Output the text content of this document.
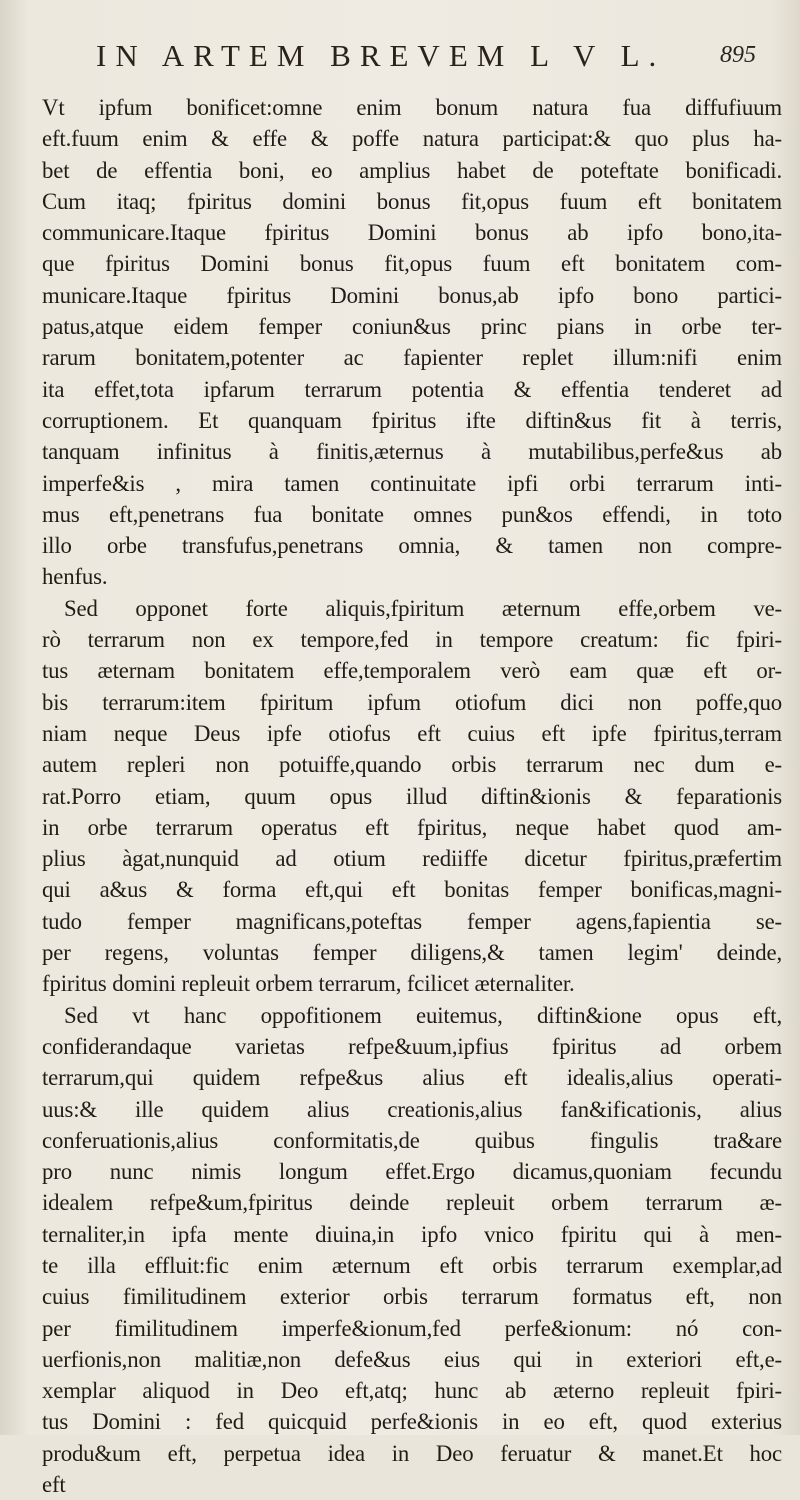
IN ARTEM BREVEM L V L. 895
Vt ipfum bonificet:omne enim bonum natura fua diffufiuum
eft.fuum enim & effe & poffe natura participat:& quo plus ha-
bet de effentia boni, eo amplius habet de poteftate bonificadi.
Cum itaq; fpiritus domini bonus fit,opus fuum eft bonitatem
communicare.Itaque fpiritus Domini bonus ab ipfo bono,ita-
que fpiritus Domini bonus fit,opus fuum eft bonitatem com-
municare.Itaque fpiritus Domini bonus,ab ipfo bono partici-
patus,atque eidem femper coniun&us princ pians in orbe ter-
rarum bonitatem,potenter ac fapienter replet illum:nifi enim
ita effet,tota ipfarum terrarum potentia & effentia tenderet ad
corruptionem. Et quanquam fpiritus ifte diftin&us fit à terris,
tanquam infinitus à finitis,æternus à mutabilibus,perfe&us ab
imperfe&is , mira tamen continuitate ipfi orbi terrarum inti-
mus eft,penetrans fua bonitate omnes pun&os effendi, in toto
illo orbe transfufus,penetrans omnia, & tamen non compre-
henfus.
Sed opponet forte aliquis,fpiritum æternum effe,orbem ve-
rò terrarum non ex tempore,fed in tempore creatum: fic fpiri-
tus æternam bonitatem effe,temporalem verò eam quæ eft or-
bis terrarum:item fpiritum ipfum otiofum dici non poffe,quo
niam neque Deus ipfe otiofus eft cuius eft ipfe fpiritus,terram
autem repleri non potuiffe,quando orbis terrarum nec dum e-
rat.Porro etiam, quum opus illud diftin&ionis & feparationis
in orbe terrarum operatus eft fpiritus, neque habet quod am-
plius àgat,nunquid ad otium rediiffe dicetur fpiritus,præfertim
qui a&us & forma eft,qui eft bonitas femper bonificas,magni-
tudo femper magnificans,poteftas femper agens,fapientia se-
per regens, voluntas femper diligens,& tamen legim' deinde,
fpiritus domini repleuit orbem terrarum, fcilicet æternaliter.
Sed vt hanc oppofitionem euitemus, diftin&ione opus eft,
confiderandaque varietas refpe&uum,ipfius fpiritus ad orbem
terrarum,qui quidem refpe&us alius eft idealis,alius operati-
uus:& ille quidem alius creationis,alius fan&ificationis, alius
conferuationis,alius conformitatis,de quibus fingulis tra&are
pro nunc nimis longum effet.Ergo dicamus,quoniam fecundu
idealem refpe&um,fpiritus deinde repleuit orbem terrarum æ-
ternaliter,in ipfa mente diuina,in ipfo vnico fpiritu qui à men-
te illa effluit:fic enim æternum eft orbis terrarum exemplar,ad
cuius fimilitudinem exterior orbis terrarum formatus eft, non
per fimilitudinem imperfe&ionum,fed perfe&ionum: nó con-
uerfionis,non malitiæ,non defe&us eius qui in exteriori eft,e-
xemplar aliquod in Deo eft,atq; hunc ab æterno repleuit fpiri-
tus Domini : fed quicquid perfe&ionis in eo eft, quod exterius
produ&um eft, perpetua idea in Deo feruatur & manet.Et hoc
eft
